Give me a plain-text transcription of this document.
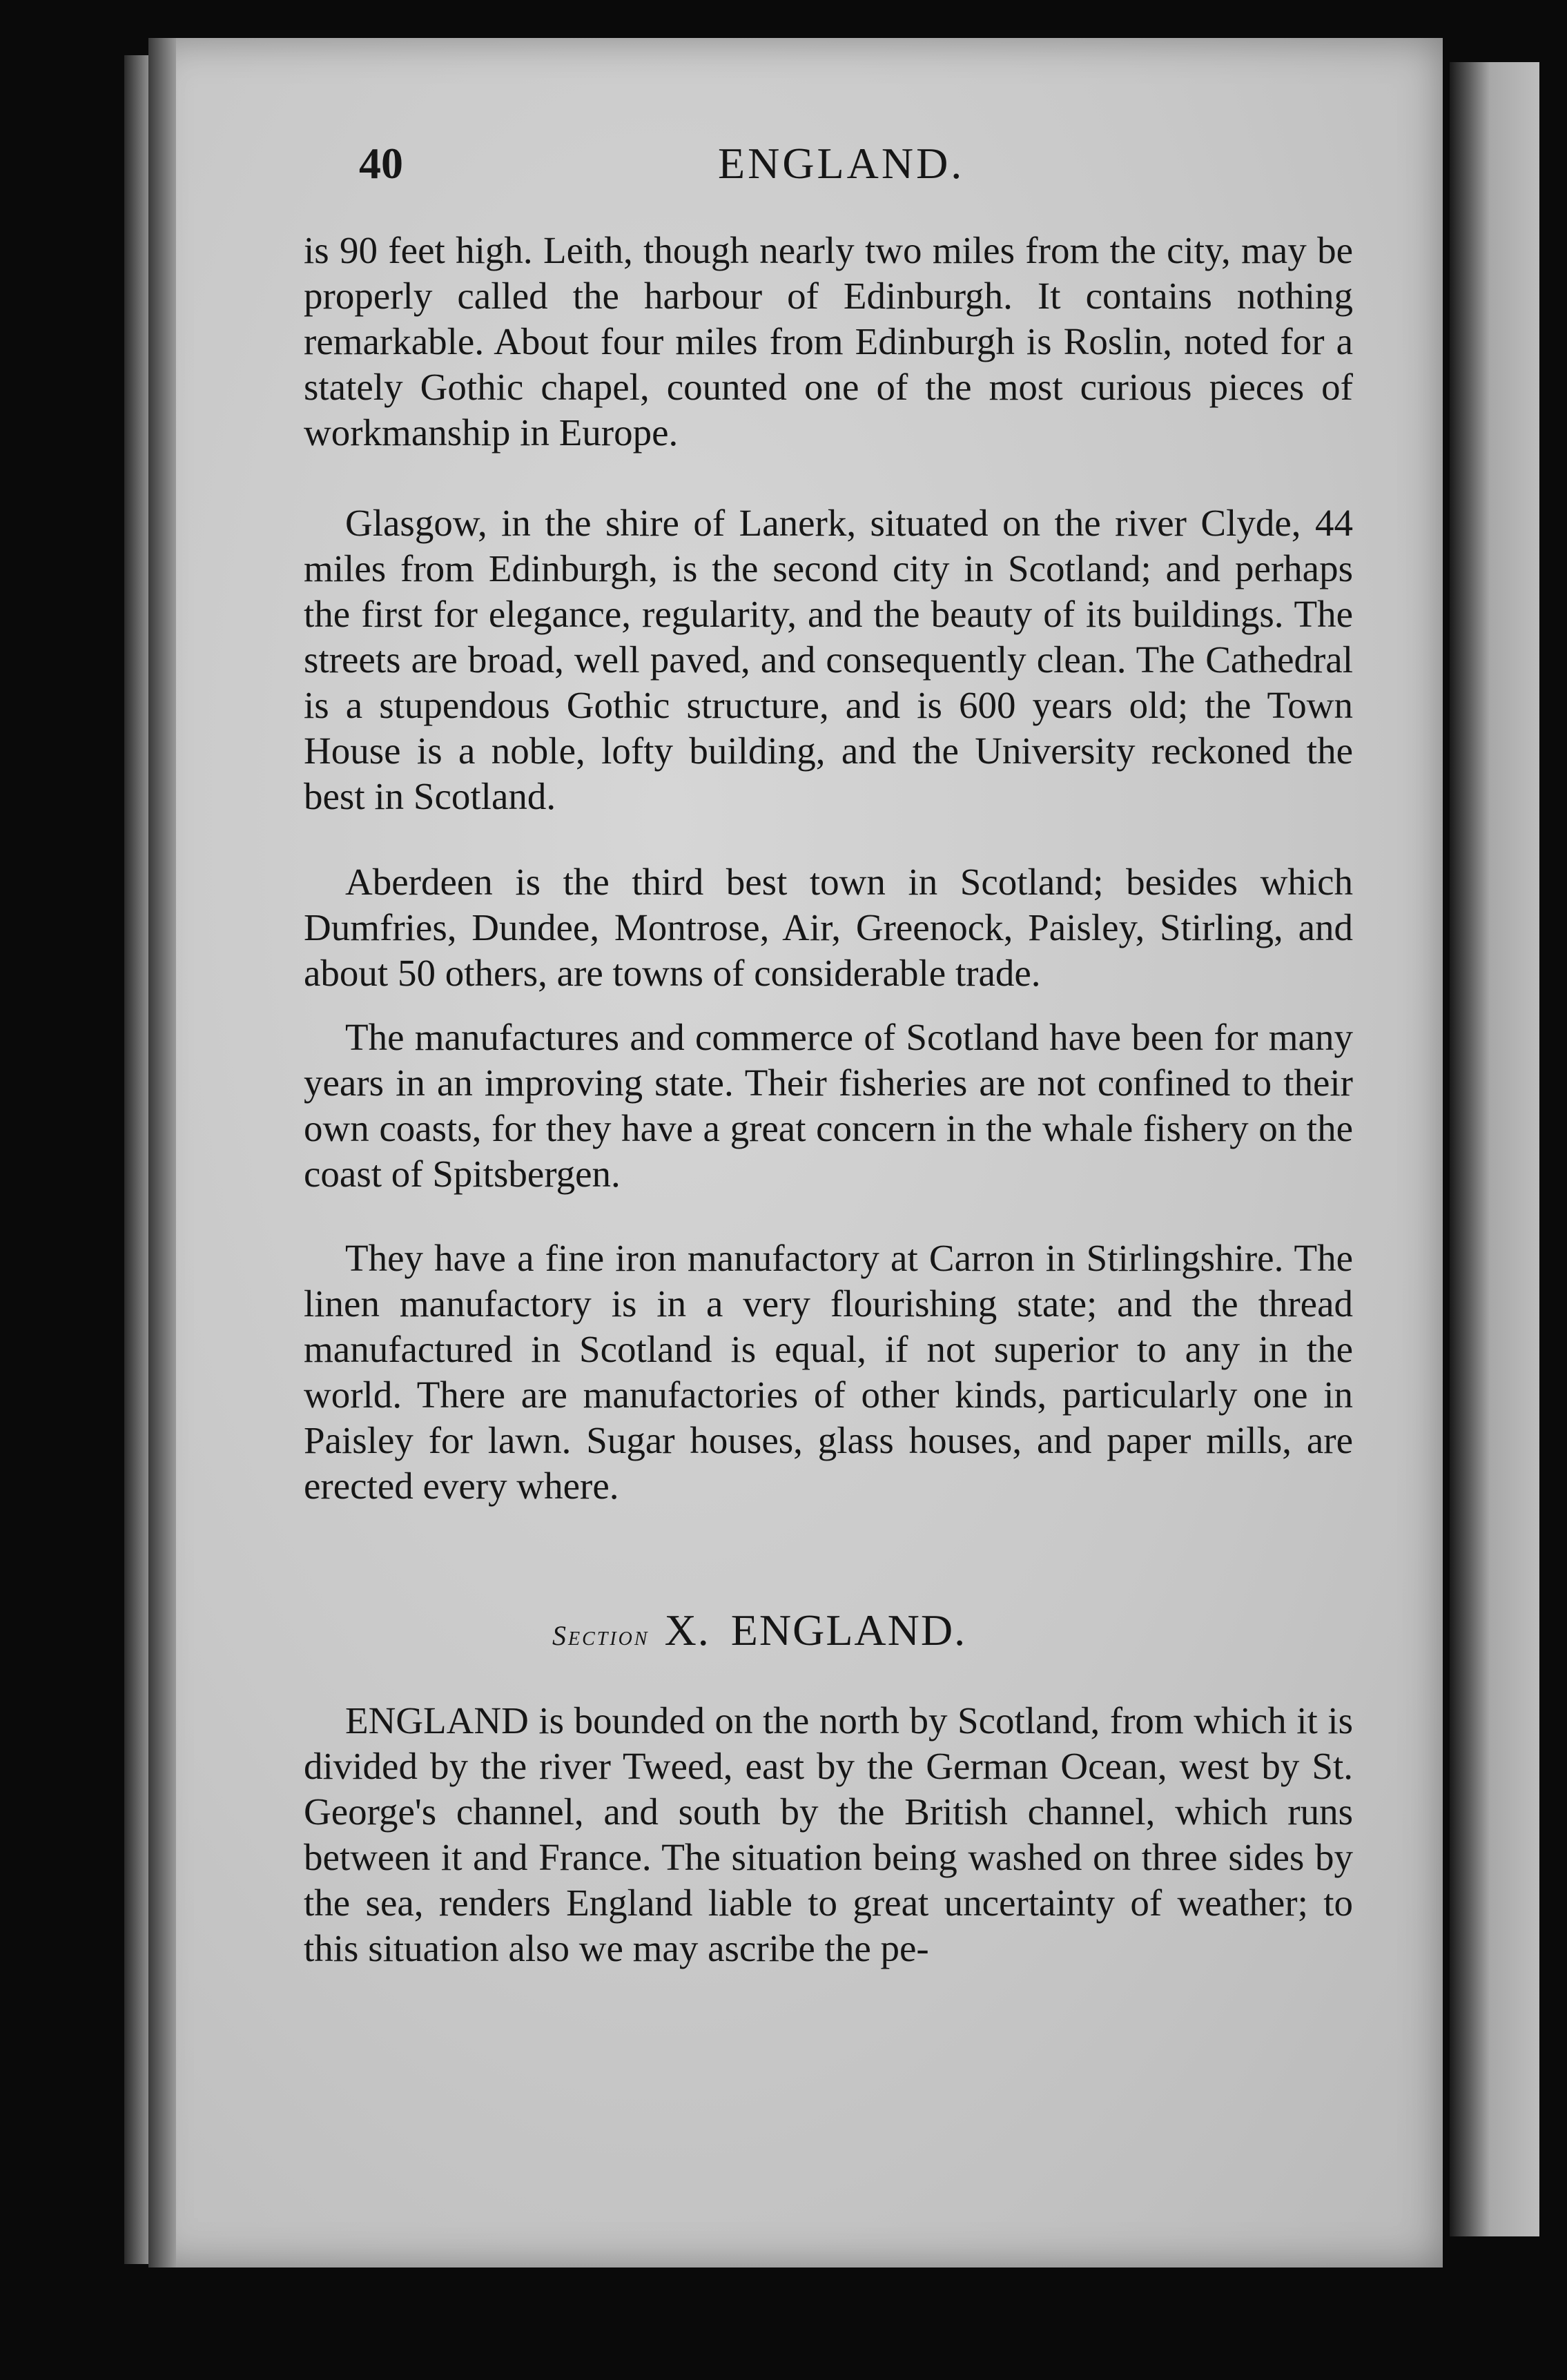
40	ENGLAND.

is 90 feet high. Leith, though nearly two miles from the city, may be properly called the harbour of Edinburgh. It contains nothing remarkable. About four miles from Edinburgh is Roslin, noted for a stately Gothic chapel, counted one of the most curious pieces of workmanship in Europe.

Glasgow, in the shire of Lanerk, situated on the river Clyde, 44 miles from Edinburgh, is the second city in Scotland; and perhaps the first for elegance, regularity, and the beauty of its buildings. The streets are broad, well paved, and consequently clean. The Cathedral is a stupendous Gothic structure, and is 600 years old; the Town House is a noble, lofty building, and the University reckoned the best in Scotland.

Aberdeen is the third best town in Scotland; besides which Dumfries, Dundee, Montrose, Air, Greenock, Paisley, Stirling, and about 50 others, are towns of considerable trade.

The manufactures and commerce of Scotland have been for many years in an improving state. Their fisheries are not confined to their own coasts, for they have a great concern in the whale fishery on the coast of Spitsbergen.

They have a fine iron manufactory at Carron in Stirlingshire. The linen manufactory is in a very flourishing state; and the thread manufactured in Scotland is equal, if not superior to any in the world. There are manufactories of other kinds, particularly one in Paisley for lawn. Sugar houses, glass houses, and paper mills, are erected every where.

Section X. ENGLAND.

ENGLAND is bounded on the north by Scotland, from which it is divided by the river Tweed, east by the German Ocean, west by St. George's channel, and south by the British channel, which runs between it and France. The situation being washed on three sides by the sea, renders England liable to great uncertainty of weather; to this situation also we may ascribe the pe-
